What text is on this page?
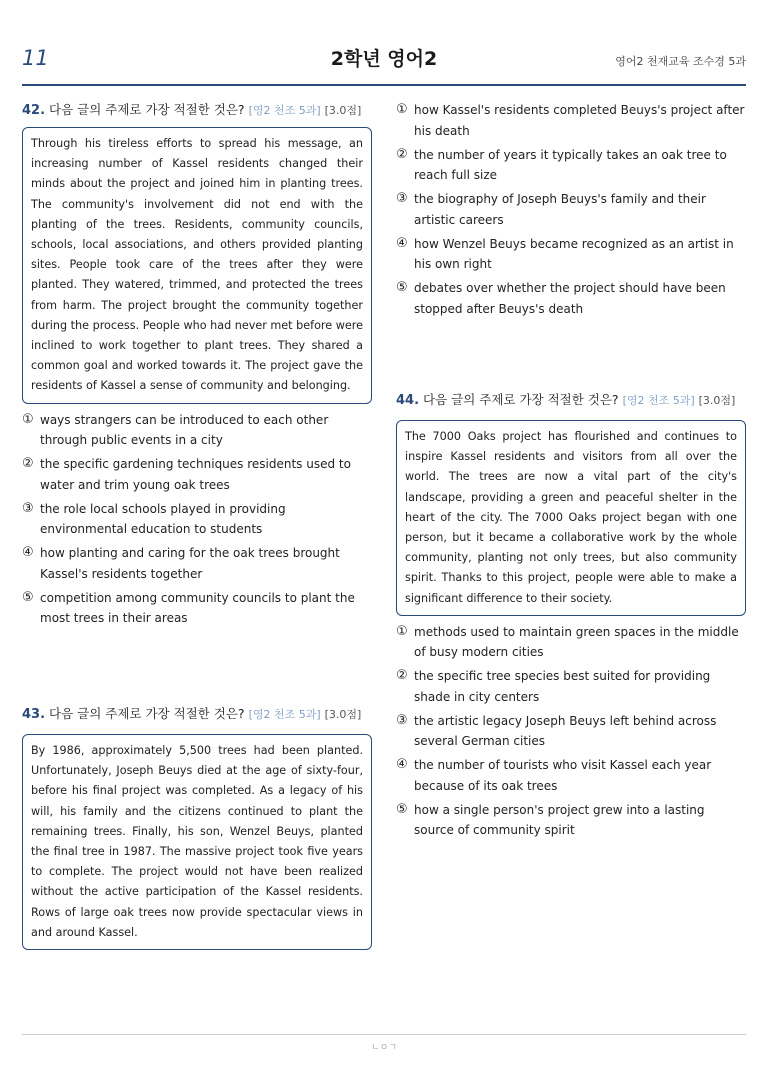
11	2학년 영어2	영어2 천재교육 조수경 5과

42. 다음 글의 주제로 가장 적절한 것은? [영2 천조 5과] [3.0점]

Through his tireless efforts to spread his message, an increasing number of Kassel residents changed their minds about the project and joined him in planting trees. The community's involvement did not end with the planting of the trees. Residents, community councils, schools, local associations, and others provided planting sites. People took care of the trees after they were planted. They watered, trimmed, and protected the trees from harm. The project brought the community together during the process. People who had never met before were inclined to work together to plant trees. They shared a common goal and worked towards it. The project gave the residents of Kassel a sense of community and belonging.
① ways strangers can be introduced to each other through public events in a city
② the specific gardening techniques residents used to water and trim young oak trees
③ the role local schools played in providing environmental education to students
④ how planting and caring for the oak trees brought Kassel's residents together
⑤ competition among community councils to plant the most trees in their areas

43. 다음 글의 주제로 가장 적절한 것은? [영2 천조 5과] [3.0점]

By 1986, approximately 5,500 trees had been planted. Unfortunately, Joseph Beuys died at the age of sixty-four, before his final project was completed. As a legacy of his will, his family and the citizens continued to plant the remaining trees. Finally, his son, Wenzel Beuys, planted the final tree in 1987. The massive project took five years to complete. The project would not have been realized without the active participation of the Kassel residents. Rows of large oak trees now provide spectacular views in and around Kassel.
① how Kassel's residents completed Beuys's project after his death
② the number of years it typically takes an oak tree to reach full size
③ the biography of Joseph Beuys's family and their artistic careers
④ how Wenzel Beuys became recognized as an artist in his own right
⑤ debates over whether the project should have been stopped after Beuys's death

44. 다음 글의 주제로 가장 적절한 것은? [영2 천조 5과] [3.0점]

The 7000 Oaks project has flourished and continues to inspire Kassel residents and visitors from all over the world. The trees are now a vital part of the city's landscape, providing a green and peaceful shelter in the heart of the city. The 7000 Oaks project began with one person, but it became a collaborative work by the whole community, planting not only trees, but also community spirit. Thanks to this project, people were able to make a significant difference to their society.
① methods used to maintain green spaces in the middle of busy modern cities
② the specific tree species best suited for providing shade in city centers
③ the artistic legacy Joseph Beuys left behind across several German cities
④ the number of tourists who visit Kassel each year because of its oak trees
⑤ how a single person's project grew into a lasting source of community spirit
ㄴㅇㄱ
